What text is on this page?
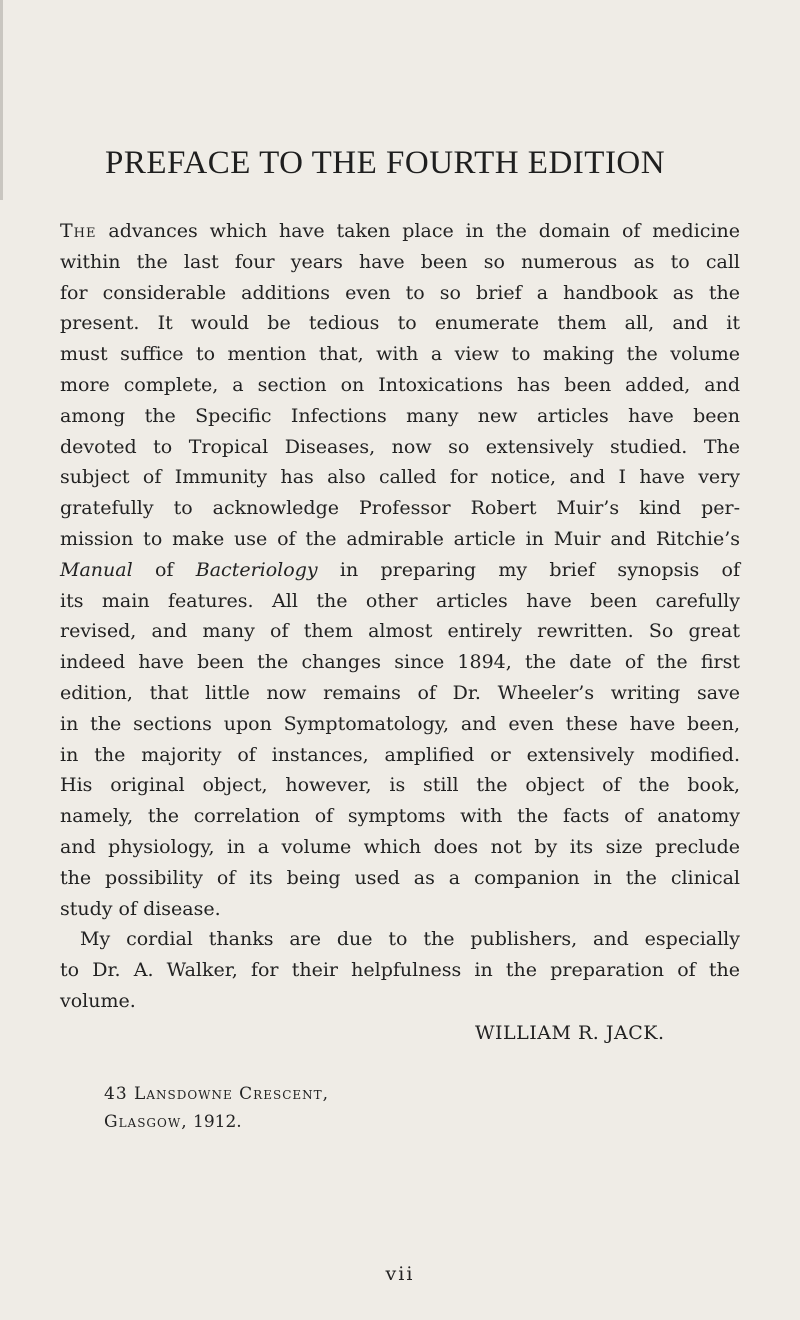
PREFACE TO THE FOURTH EDITION
The advances which have taken place in the domain of medicine
within the last four years have been so numerous as to call
for considerable additions even to so brief a handbook as the
present. It would be tedious to enumerate them all, and it
must suffice to mention that, with a view to making the volume
more complete, a section on Intoxications has been added, and
among the Specific Infections many new articles have been
devoted to Tropical Diseases, now so extensively studied. The
subject of Immunity has also called for notice, and I have very
gratefully to acknowledge Professor Robert Muir’s kind per-
mission to make use of the admirable article in Muir and Ritchie’s
Manual of Bacteriology in preparing my brief synopsis of
its main features. All the other articles have been carefully
revised, and many of them almost entirely rewritten. So great
indeed have been the changes since 1894, the date of the first
edition, that little now remains of Dr. Wheeler’s writing save
in the sections upon Symptomatology, and even these have been,
in the majority of instances, amplified or extensively modified.
His original object, however, is still the object of the book,
namely, the correlation of symptoms with the facts of anatomy
and physiology, in a volume which does not by its size preclude
the possibility of its being used as a companion in the clinical
study of disease.
My cordial thanks are due to the publishers, and especially
to Dr. A. Walker, for their helpfulness in the preparation of the
volume.
WILLIAM R. JACK.
43 Lansdowne Crescent,
Glasgow, 1912.
vii
